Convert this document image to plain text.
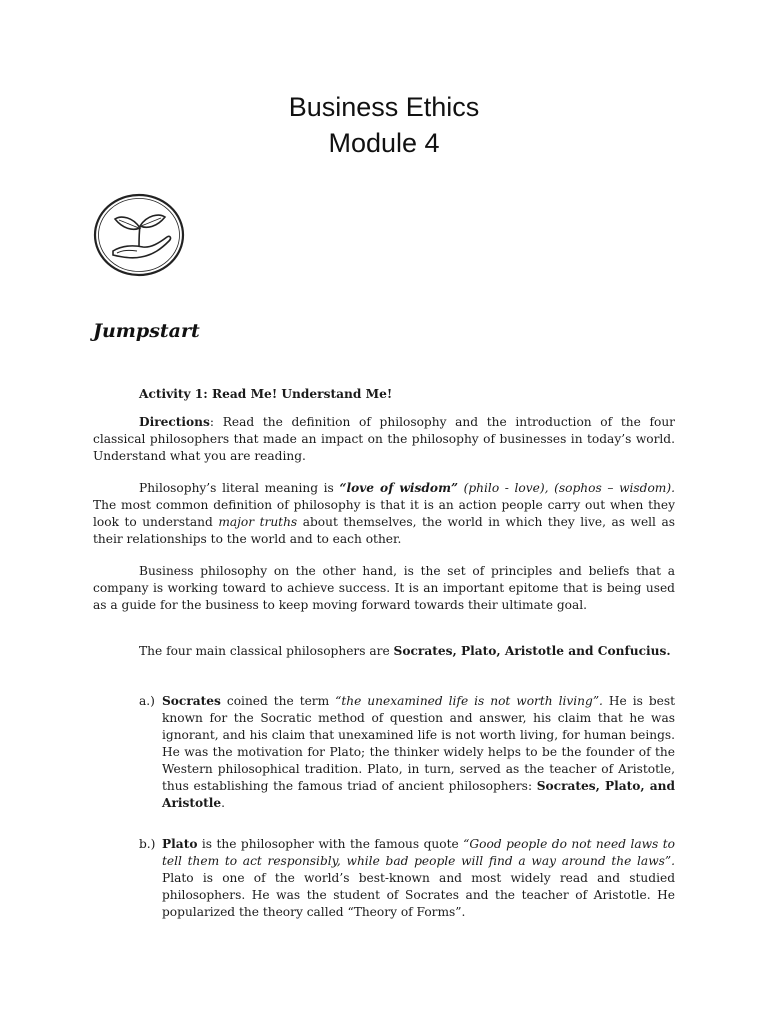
Business Ethics
Module 4
Jumpstart

Activity 1: Read Me! Understand Me!

Directions: Read the definition of philosophy and the introduction of the four classical philosophers that made an impact on the philosophy of businesses in today’s world. Understand what you are reading.

Philosophy’s literal meaning is “love of wisdom” (philo - love), (sophos – wisdom). The most common definition of philosophy is that it is an action people carry out when they look to understand major truths about themselves, the world in which they live, as well as their relationships to the world and to each other.

Business philosophy on the other hand, is the set of principles and beliefs that a company is working toward to achieve success. It is an important epitome that is being used as a guide for the business to keep moving forward towards their ultimate goal.

The four main classical philosophers are Socrates, Plato, Aristotle and Confucius.

a.) Socrates coined the term “the unexamined life is not worth living”. He is best known for the Socratic method of question and answer, his claim that he was ignorant, and his claim that unexamined life is not worth living, for human beings. He was the motivation for Plato; the thinker widely helps to be the founder of the Western philosophical tradition. Plato, in turn, served as the teacher of Aristotle, thus establishing the famous triad of ancient philosophers: Socrates, Plato, and Aristotle.
b.) Plato is the philosopher with the famous quote “Good people do not need laws to tell them to act responsibly, while bad people will find a way around the laws”. Plato is one of the world’s best-known and most widely read and studied philosophers. He was the student of Socrates and the teacher of Aristotle. He popularized the theory called “Theory of Forms”.
